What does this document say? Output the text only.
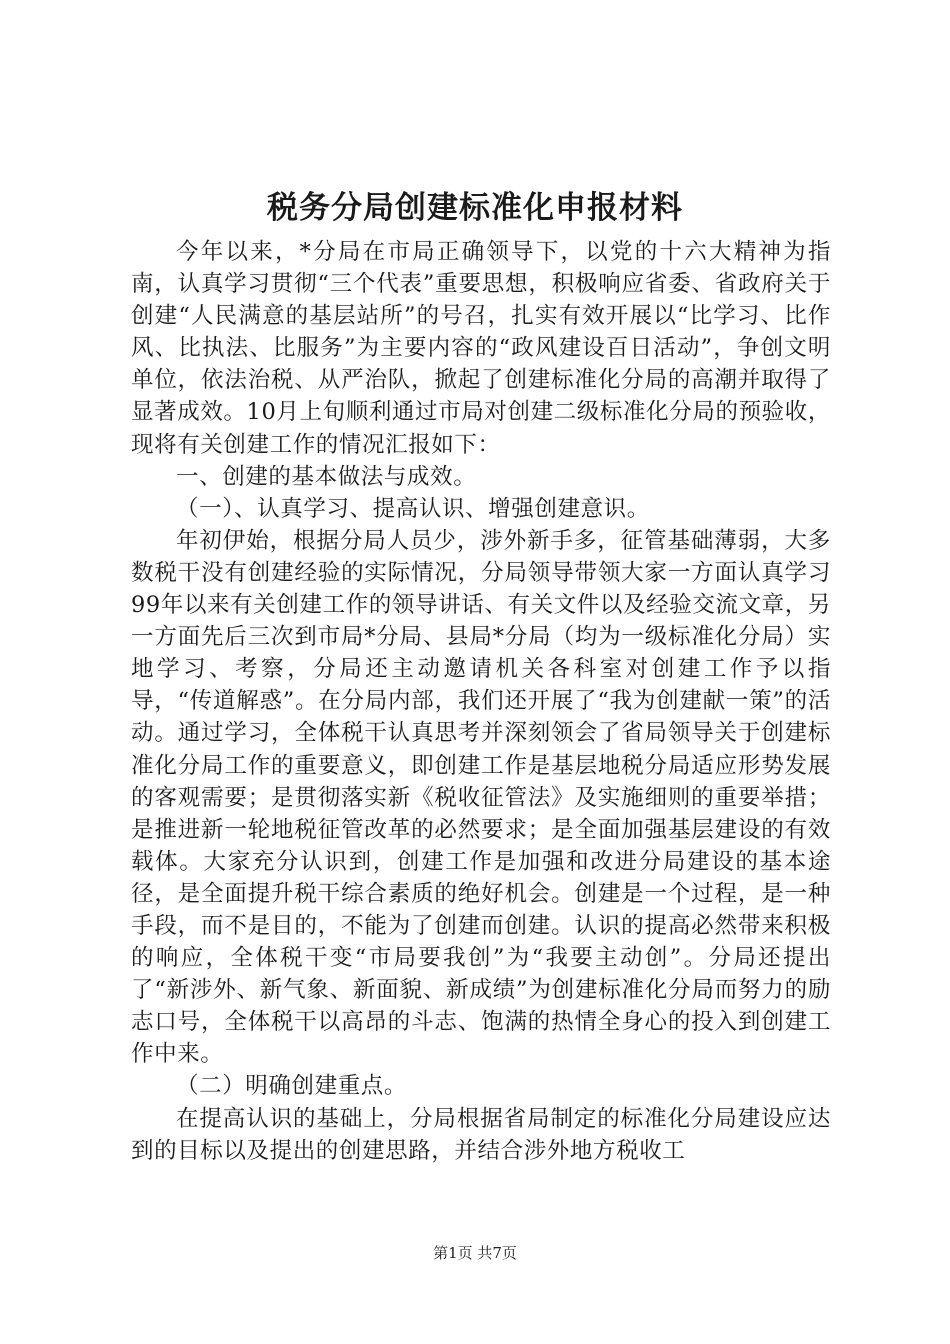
税务分局创建标准化申报材料

今年以来，*分局在市局正确领导下，以党的十六大精神为指南，认真学习贯彻“三个代表”重要思想，积极响应省委、省政府关于创建“人民满意的基层站所”的号召，扎实有效开展以“比学习、比作风、比执法、比服务”为主要内容的“政风建设百日活动”，争创文明单位，依法治税、从严治队，掀起了创建标准化分局的高潮并取得了显著成效。10月上旬顺利通过市局对创建二级标准化分局的预验收，现将有关创建工作的情况汇报如下：

一、创建的基本做法与成效。

（一）、认真学习、提高认识、增强创建意识。

年初伊始，根据分局人员少，涉外新手多，征管基础薄弱，大多数税干没有创建经验的实际情况，分局领导带领大家一方面认真学习99年以来有关创建工作的领导讲话、有关文件以及经验交流文章，另一方面先后三次到市局*分局、县局*分局（均为一级标准化分局）实地学习、考察，分局还主动邀请机关各科室对创建工作予以指导，“传道解惑”。在分局内部，我们还开展了“我为创建献一策”的活动。通过学习，全体税干认真思考并深刻领会了省局领导关于创建标准化分局工作的重要意义，即创建工作是基层地税分局适应形势发展的客观需要；是贯彻落实新《税收征管法》及实施细则的重要举措；是推进新一轮地税征管改革的必然要求；是全面加强基层建设的有效载体。大家充分认识到，创建工作是加强和改进分局建设的基本途径，是全面提升税干综合素质的绝好机会。创建是一个过程，是一种手段，而不是目的，不能为了创建而创建。认识的提高必然带来积极的响应，全体税干变“市局要我创”为“我要主动创”。分局还提出了“新涉外、新气象、新面貌、新成绩”为创建标准化分局而努力的励志口号，全体税干以高昂的斗志、饱满的热情全身心的投入到创建工作中来。

（二）明确创建重点。

在提高认识的基础上，分局根据省局制定的标准化分局建设应达到的目标以及提出的创建思路，并结合涉外地方税收工

第1页 共7页
